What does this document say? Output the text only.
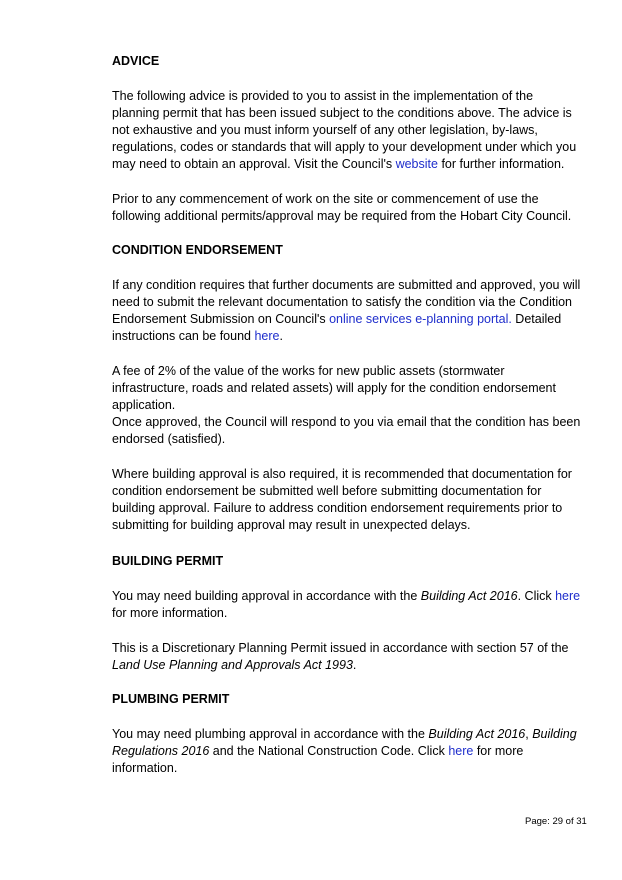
ADVICE

The following advice is provided to you to assist in the implementation of the planning permit that has been issued subject to the conditions above. The advice is not exhaustive and you must inform yourself of any other legislation, by-laws, regulations, codes or standards that will apply to your development under which you may need to obtain an approval. Visit the Council's website for further information.

Prior to any commencement of work on the site or commencement of use the following additional permits/approval may be required from the Hobart City Council.

CONDITION ENDORSEMENT

If any condition requires that further documents are submitted and approved, you will need to submit the relevant documentation to satisfy the condition via the Condition Endorsement Submission on Council's online services e-planning portal. Detailed instructions can be found here.

A fee of 2% of the value of the works for new public assets (stormwater infrastructure, roads and related assets) will apply for the condition endorsement application.

Once approved, the Council will respond to you via email that the condition has been endorsed (satisfied).

Where building approval is also required, it is recommended that documentation for condition endorsement be submitted well before submitting documentation for building approval. Failure to address condition endorsement requirements prior to submitting for building approval may result in unexpected delays.

BUILDING PERMIT

You may need building approval in accordance with the Building Act 2016. Click here for more information.

This is a Discretionary Planning Permit issued in accordance with section 57 of the Land Use Planning and Approvals Act 1993.

PLUMBING PERMIT

You may need plumbing approval in accordance with the Building Act 2016, Building Regulations 2016 and the National Construction Code. Click here for more information.

Page: 29 of 31
